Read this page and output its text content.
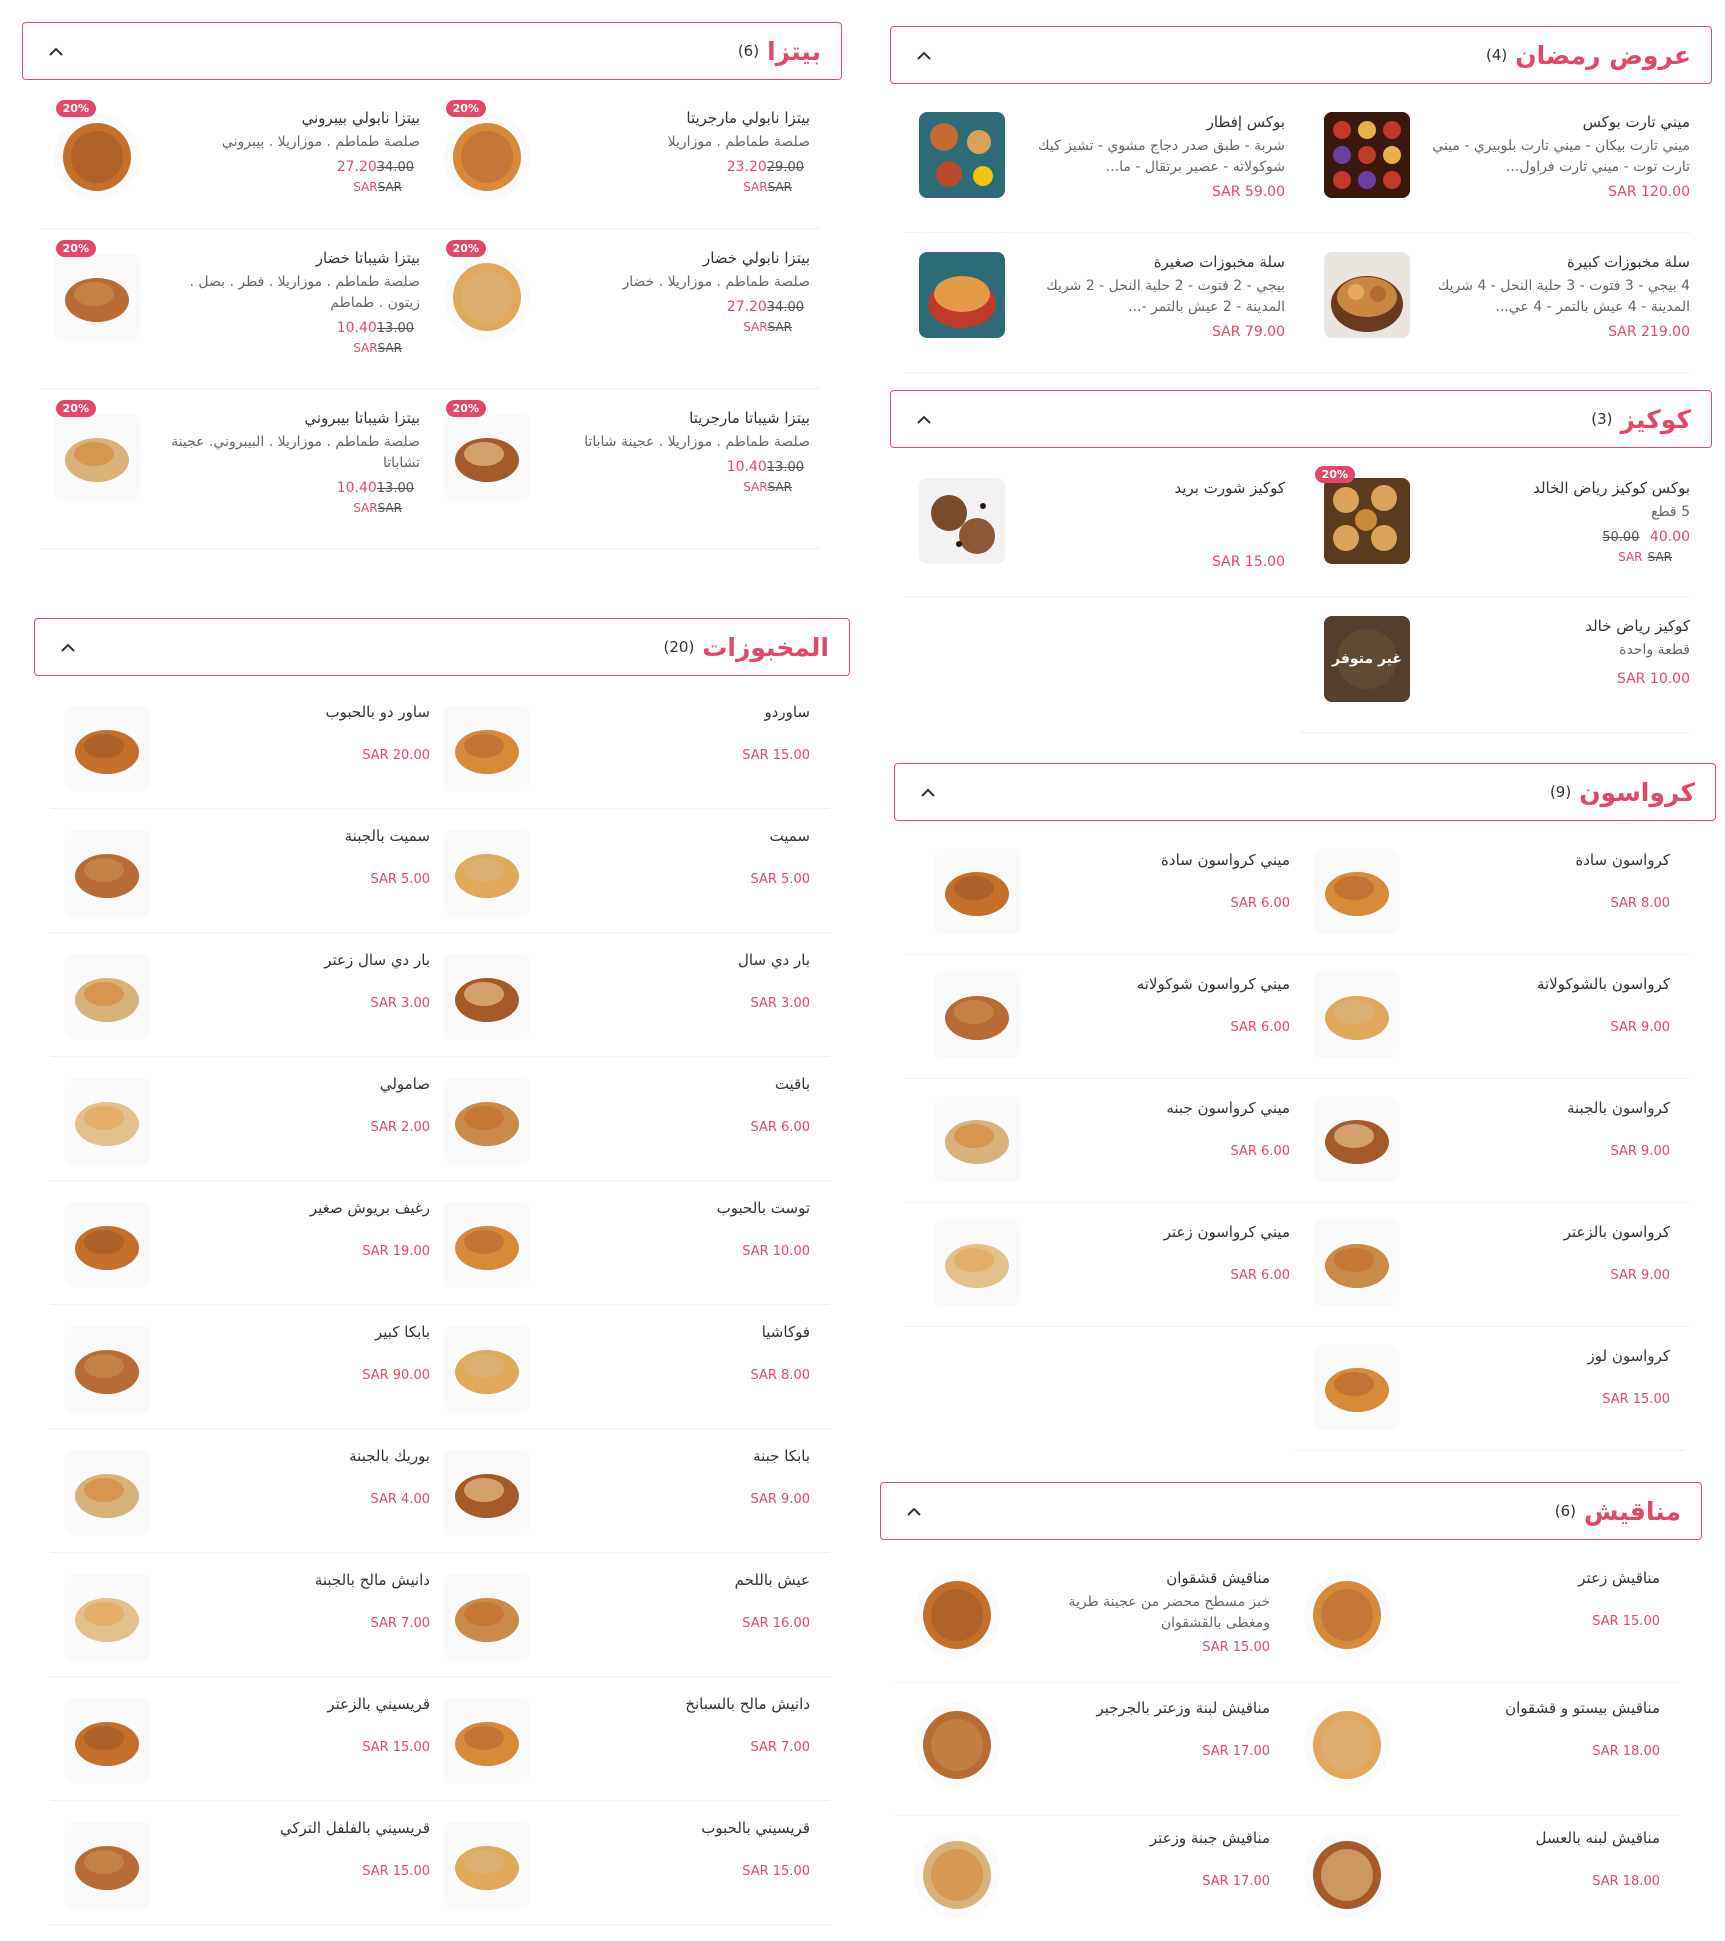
عروض رمضان
(4)
ميني تارت بوكس
ميني تارت بيكان - ميني تارت بلوبيري - ميني تارت توت - ميني تارت فراول...
SAR 120.00
بوكس إفطار
شربة - طبق صدر دجاج مشوي - تشيز كيك شوكولاته - عصير برتقال - ما...
SAR 59.00
سلة مخبوزات كبيرة
4 بيجي - 3 فتوت - 3 حلية النحل - 4 شريك المدينة - 4 عيش بالتمر - 4 عي...
SAR 219.00
سلة مخبوزات صغيرة
بيجي - 2 فتوت - 2 حلية النحل - 2 شريك المدينة - 2 عيش بالتمر -...
SAR 79.00
كوكيز
(3)
20%
بوكس كوكيز رياض الخالد
5 قطع
40.00 50.00
SAR SAR
كوكيز شورت بريد
SAR 15.00
غير متوفر
كوكيز رياض خالد
قطعة واحدة
SAR 10.00
كرواسون
(9)
كرواسون سادة
SAR 8.00
ميني كرواسون سادة
SAR 6.00
كرواسون بالشوكولاتة
SAR 9.00
ميني كرواسون شوكولاته
SAR 6.00
كرواسون بالجبنة
SAR 9.00
ميني كرواسون جبنه
SAR 6.00
كرواسون بالزعتر
SAR 9.00
ميني كرواسون زعتر
SAR 6.00
كرواسون لوز
SAR 15.00
مناقيش
(6)
مناقيش زعتر
SAR 15.00
مناقيش قشقوان
خبز مسطح محضر من عجينة طرية ومغطى بالقشقوان
SAR 15.00
مناقيش بيستو و قشقوان
SAR 18.00
مناقيش لبنة وزعتر بالجرجير
SAR 17.00
مناقيش لبنه بالعسل
SAR 18.00
مناقيش جبنة وزعتر
SAR 17.00
بيتزا
(6)
20%
بيتزا نابولي مارجريتا
صلصة طماطم . موزاريلا
23.2029.00
SARSAR
20%
بيتزا نابولي بيبروني
صلصة طماطم . موزاريلا . بيبروني
27.2034.00
SARSAR
20%
بيتزا نابولي خضار
صلصة طماطم . موزاريلا . خضار
27.2034.00
SARSAR
20%
بيتزا شيباتا خضار
صلصة طماطم . موزاريلا . فطر . بصل . زيتون . طماطم
10.4013.00
SARSAR
20%
بيتزا شيباتا مارجريتا
صلصة طماطم . موزاريلا . عجينة شاباتا
10.4013.00
SARSAR
20%
بيتزا شيباتا بيبروني
صلصة طماطم . موزاريلا . البيبروني. عجينة تشاباتا
10.4013.00
SARSAR
المخبوزات
(20)
ساوردو
SAR 15.00
ساور دو بالحبوب
SAR 20.00
سميت
SAR 5.00
سميت بالجبنة
SAR 5.00
بار دي سال
SAR 3.00
بار دي سال زعتر
SAR 3.00
باقيت
SAR 6.00
صامولي
SAR 2.00
توست بالحبوب
SAR 10.00
رغيف بريوش صغير
SAR 19.00
فوكاشيا
SAR 8.00
بابكا كبير
SAR 90.00
بابكا جبنة
SAR 9.00
بوريك بالجبنة
SAR 4.00
عيش باللحم
SAR 16.00
دانيش مالح بالجبنة
SAR 7.00
دانيش مالح بالسبانخ
SAR 7.00
قريسيني بالزعتر
SAR 15.00
قريسيني بالحبوب
SAR 15.00
قريسيني بالفلفل التركي
SAR 15.00
